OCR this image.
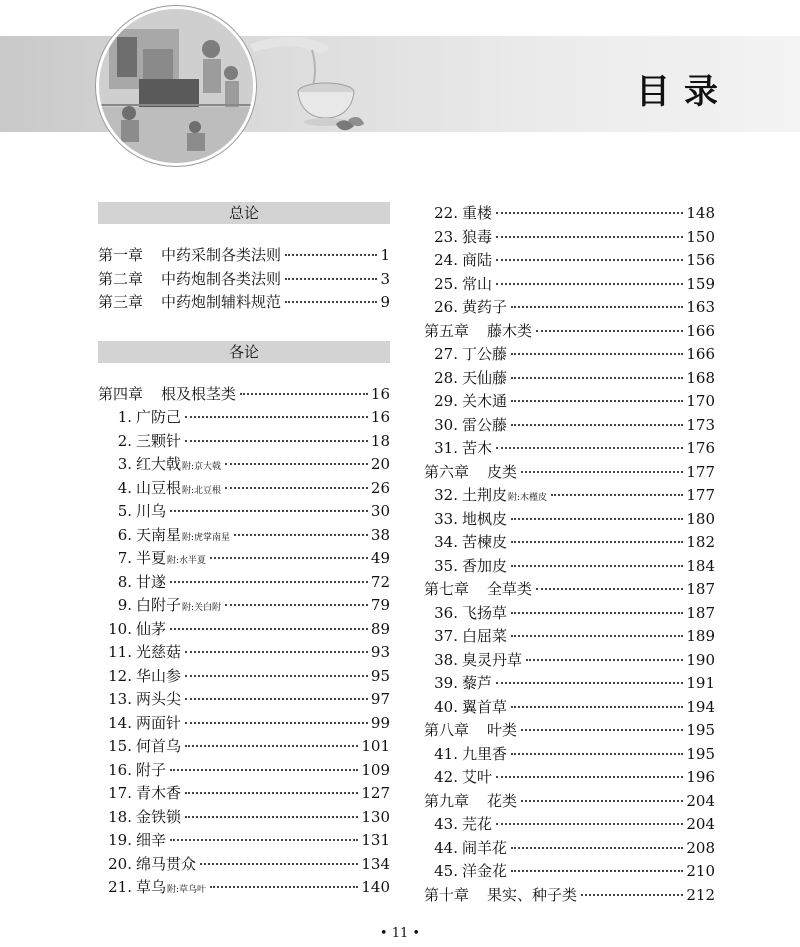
目录
总论
第一章 中药采制各类法则	1
第二章 中药炮制各类法则	3
第三章 中药炮制辅料规范	9
各论
第四章 根及根茎类	16
1. 广防己	16
2. 三颗针	18
3. 红大戟附:京大戟	20
4. 山豆根附:北豆根	26
5. 川乌	30
6. 天南星附:虎掌南星	38
7. 半夏附:水半夏	49
8. 甘遂	72
9. 白附子附:关白附	79
10. 仙茅	89
11. 光慈菇	93
12. 华山参	95
13. 两头尖	97
14. 两面针	99
15. 何首乌	101
16. 附子	109
17. 青木香	127
18. 金铁锁	130
19. 细辛	131
20. 绵马贯众	134
21. 草乌附:草乌叶	140
22. 重楼	148
23. 狼毒	150
24. 商陆	156
25. 常山	159
26. 黄药子	163
第五章 藤木类	166
27. 丁公藤	166
28. 天仙藤	168
29. 关木通	170
30. 雷公藤	173
31. 苦木	176
第六章 皮类	177
32. 土荆皮附:木槿皮	177
33. 地枫皮	180
34. 苦楝皮	182
35. 香加皮	184
第七章 全草类	187
36. 飞扬草	187
37. 白屈菜	189
38. 臭灵丹草	190
39. 藜芦	191
40. 翼首草	194
第八章 叶类	195
41. 九里香	195
42. 艾叶	196
第九章 花类	204
43. 芫花	204
44. 闹羊花	208
45. 洋金花	210
第十章 果实、种子类	212
• 11 •
